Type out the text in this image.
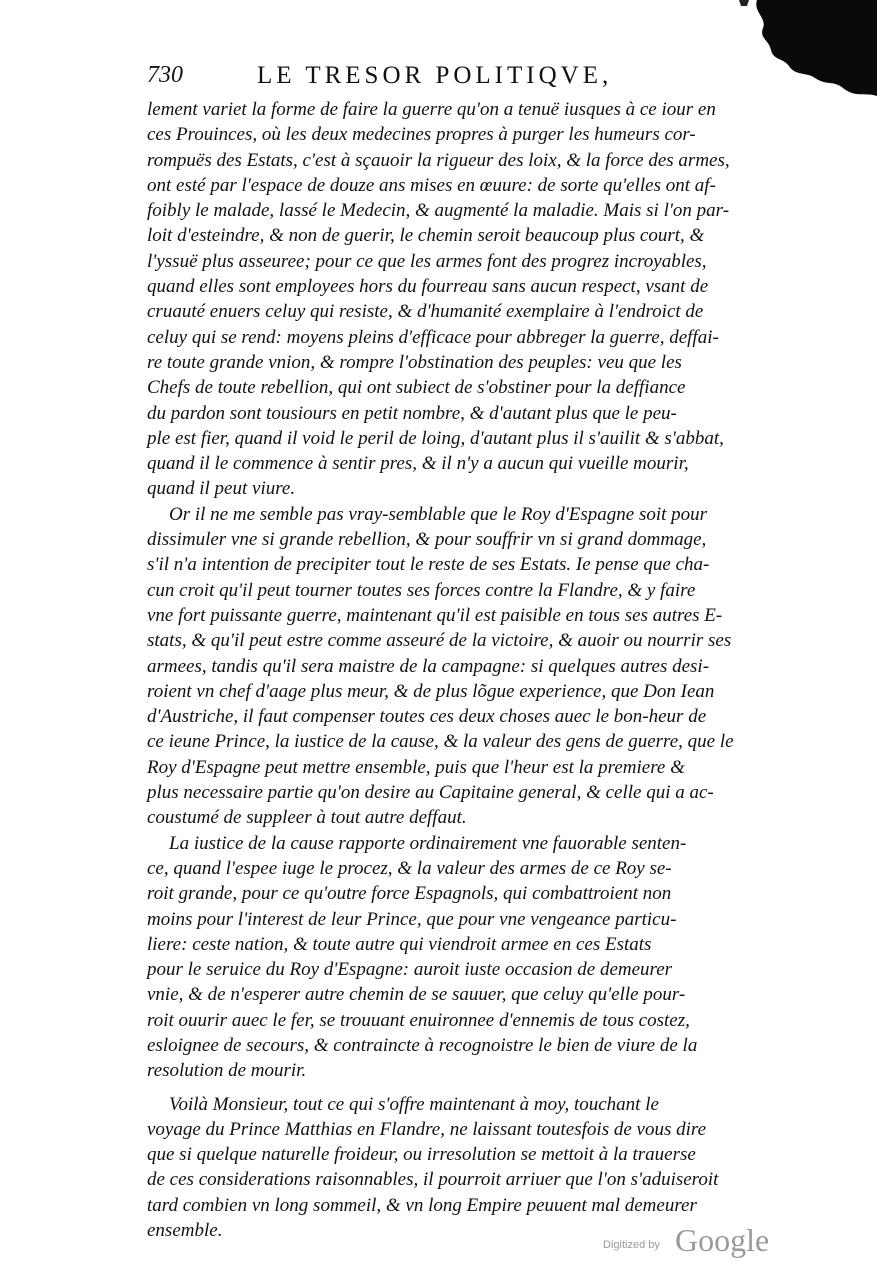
730	LE TRESOR POLITIQVE,
lement variet la forme de faire la guerre qu'on a tenuë iusques à ce iour en
ces Prouinces, où les deux medecines propres à purger les humeurs cor-
rompuës des Estats, c'est à sçauoir la rigueur des loix, & la force des armes,
ont esté par l'espace de douze ans mises en œuure: de sorte qu'elles ont af-
foibly le malade, lassé le Medecin, & augmenté la maladie. Mais si l'on par-
loit d'esteindre, & non de guerir, le chemin seroit beaucoup plus court, &
l'yssuë plus asseuree; pour ce que les armes font des progrez incroyables,
quand elles sont employees hors du fourreau sans aucun respect, vsant de
cruauté enuers celuy qui resiste, & d'humanité exemplaire à l'endroict de
celuy qui se rend: moyens pleins d'efficace pour abbreger la guerre, deffai-
re toute grande vnion, & rompre l'obstination des peuples: veu que les
Chefs de toute rebellion, qui ont subiect de s'obstiner pour la deffiance
du pardon sont tousiours en petit nombre, & d'autant plus que le peu-
ple est fier, quand il void le peril de loing, d'autant plus il s'auilit & s'abbat,
quand il le commence à sentir pres, & il n'y a aucun qui vueille mourir,
quand il peut viure.
Or il ne me semble pas vray-semblable que le Roy d'Espagne soit pour
dissimuler vne si grande rebellion, & pour souffrir vn si grand dommage,
s'il n'a intention de precipiter tout le reste de ses Estats. Ie pense que cha-
cun croit qu'il peut tourner toutes ses forces contre la Flandre, & y faire
vne fort puissante guerre, maintenant qu'il est paisible en tous ses autres E-
stats, & qu'il peut estre comme asseuré de la victoire, & auoir ou nourrir ses
armees, tandis qu'il sera maistre de la campagne: si quelques autres desi-
roient vn chef d'aage plus meur, & de plus lõgue experience, que Don Iean
d'Austriche, il faut compenser toutes ces deux choses auec le bon-heur de
ce ieune Prince, la iustice de la cause, & la valeur des gens de guerre, que le
Roy d'Espagne peut mettre ensemble, puis que l'heur est la premiere &
plus necessaire partie qu'on desire au Capitaine general, & celle qui a ac-
coustumé de suppleer à tout autre deffaut.
La iustice de la cause rapporte ordinairement vne fauorable senten-
ce, quand l'espee iuge le procez, & la valeur des armes de ce Roy se-
roit grande, pour ce qu'outre force Espagnols, qui combattroient non
moins pour l'interest de leur Prince, que pour vne vengeance particu-
liere: ceste nation, & toute autre qui viendroit armee en ces Estats
pour le seruice du Roy d'Espagne: auroit iuste occasion de demeurer
vnie, & de n'esperer autre chemin de se sauuer, que celuy qu'elle pour-
roit ouurir auec le fer, se trouuant enuironnee d'ennemis de tous costez,
esloignee de secours, & contraincte à recognoistre le bien de viure de la
resolution de mourir.
Voilà Monsieur, tout ce qui s'offre maintenant à moy, touchant le
voyage du Prince Matthias en Flandre, ne laissant toutesfois de vous dire
que si quelque naturelle froideur, ou irresolution se mettoit à la trauerse
de ces considerations raisonnables, il pourroit arriuer que l'on s'aduiseroit
tard combien vn long sommeil, & vn long Empire peuuent mal demeurer
ensemble.
Digitized by Google
